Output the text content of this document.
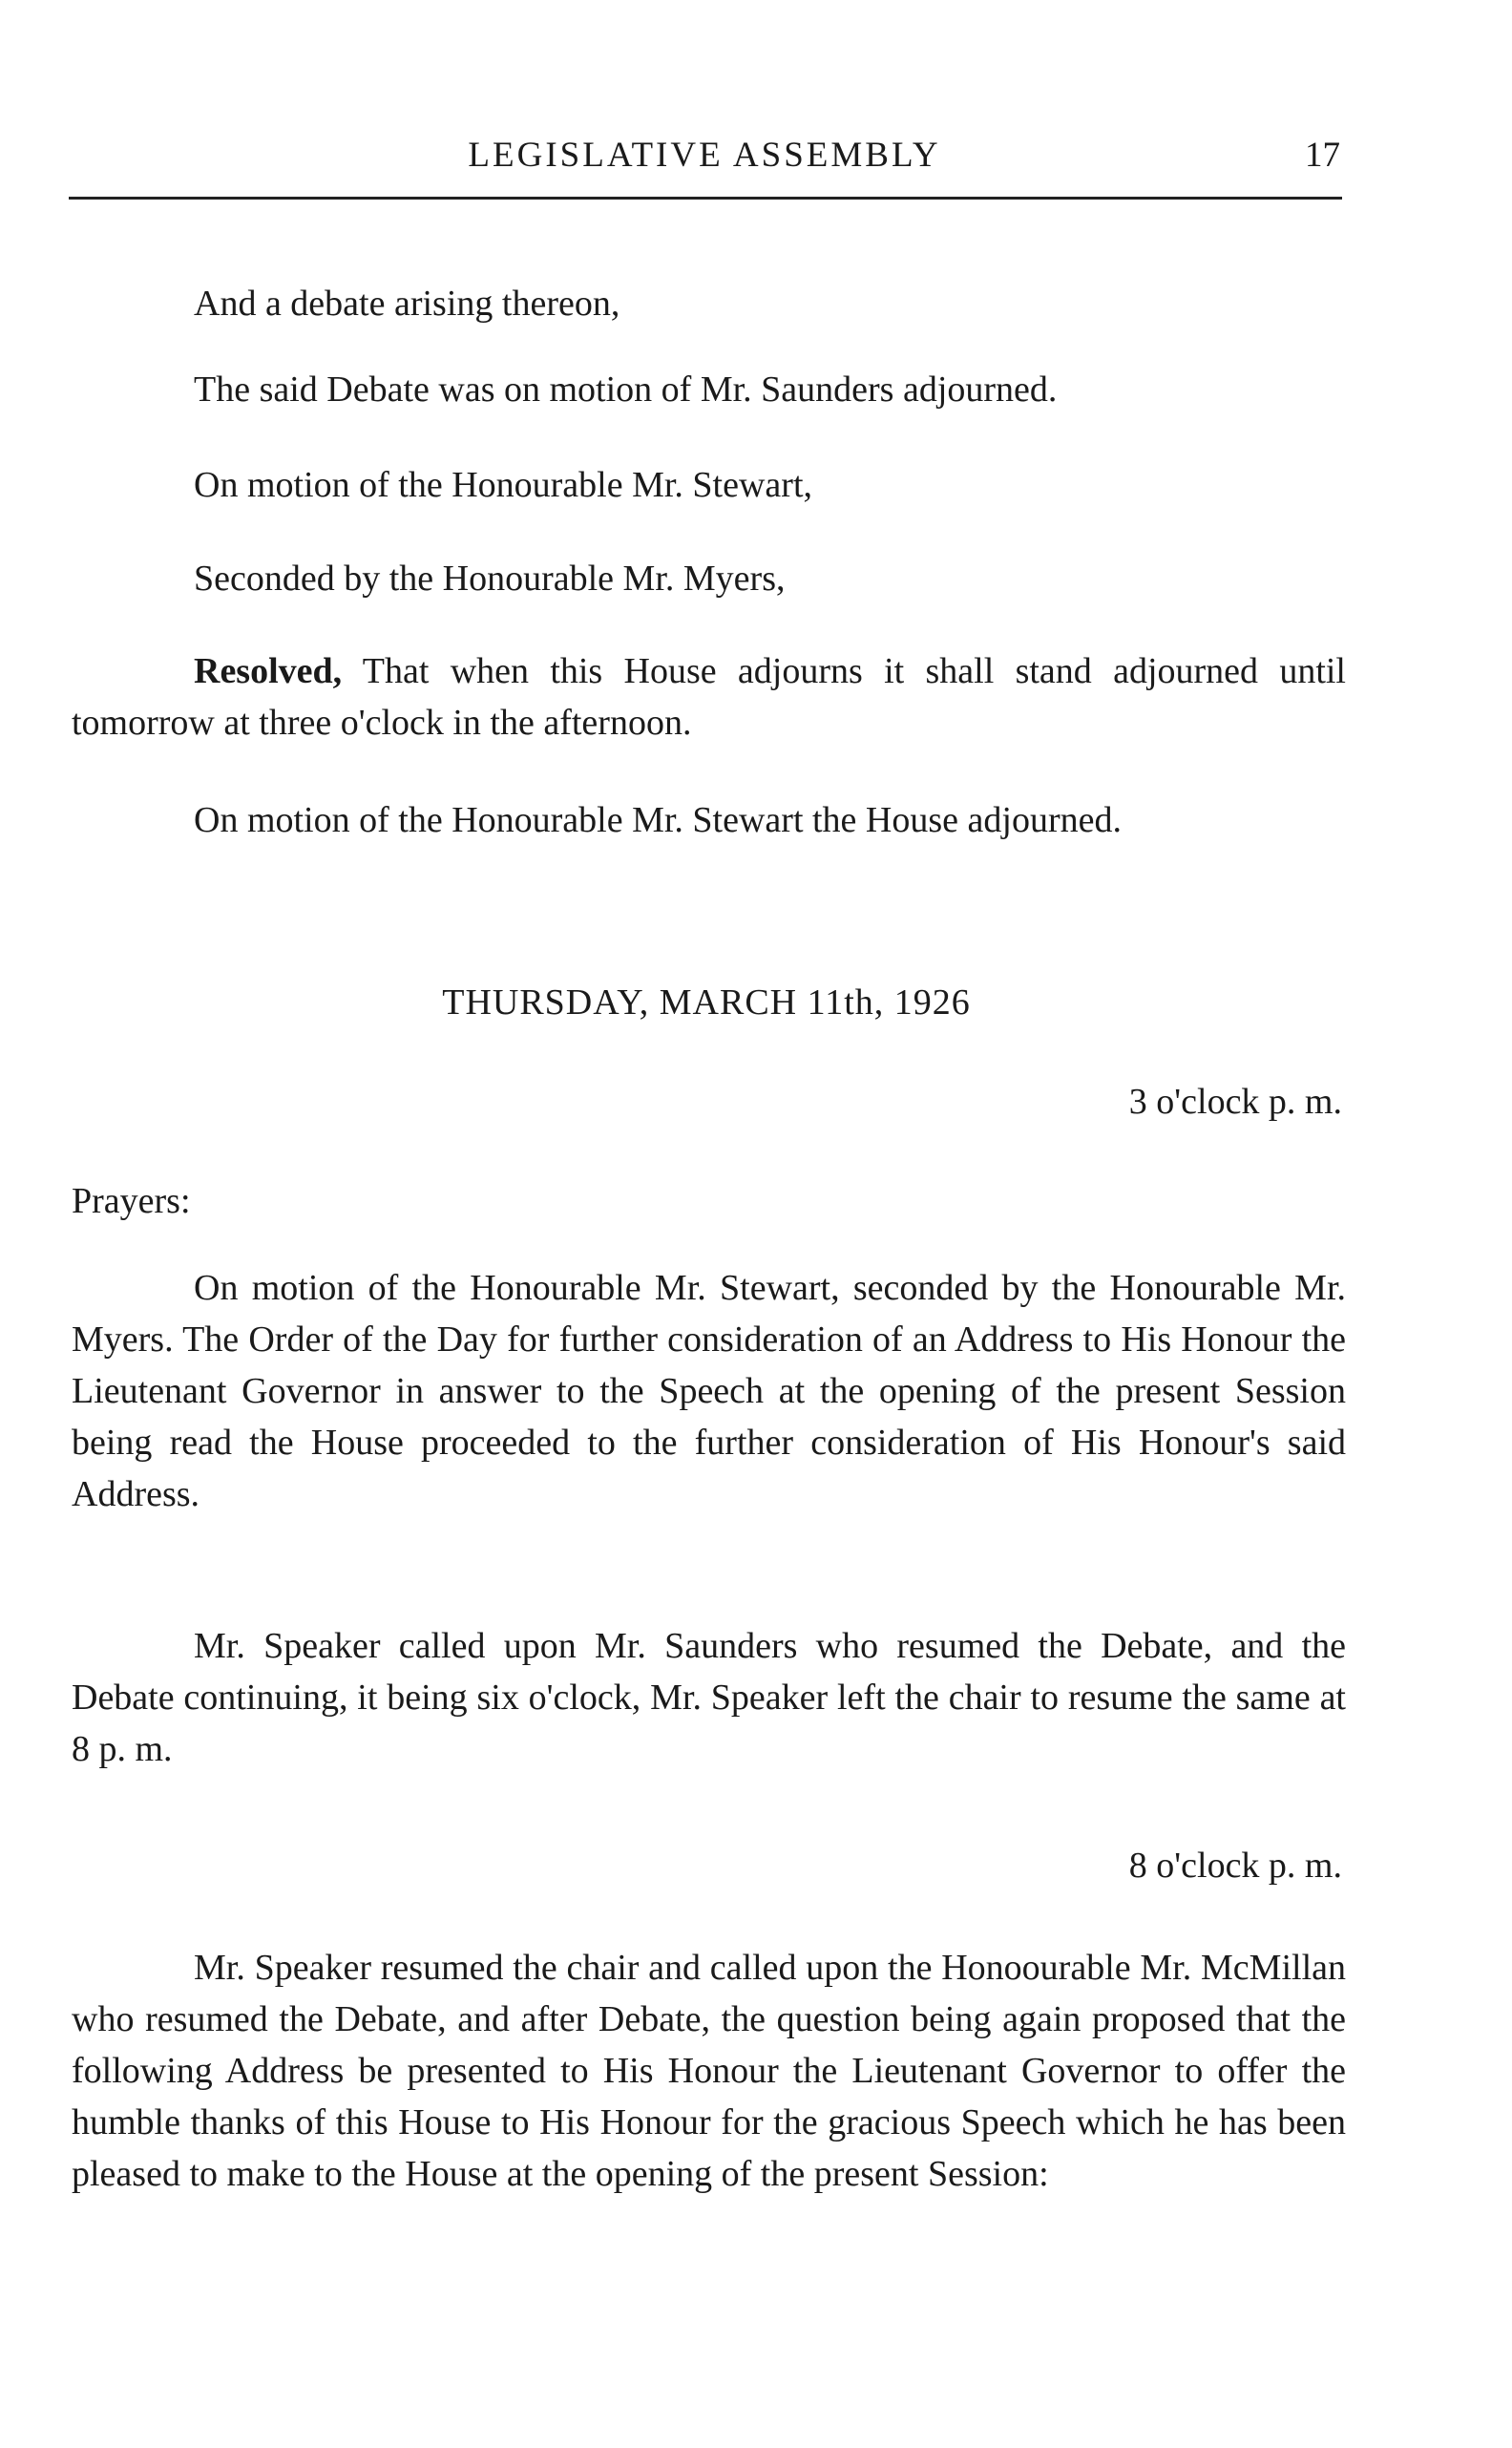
LEGISLATIVE ASSEMBLY	17
And a debate arising thereon,
The said Debate was on motion of Mr. Saunders adjourned.
On motion of the Honourable Mr. Stewart,
Seconded by the Honourable Mr. Myers,
Resolved, That when this House adjourns it shall stand adjourned until tomorrow at three o'clock in the afternoon.
On motion of the Honourable Mr. Stewart the House adjourned.
THURSDAY, MARCH 11th, 1926
3 o'clock p. m.
Prayers:
On motion of the Honourable Mr. Stewart, seconded by the Honourable Mr. Myers. The Order of the Day for further consideration of an Address to His Honour the Lieutenant Governor in answer to the Speech at the opening of the present Session being read the House proceeded to the further consideration of His Honour's said Address.
Mr. Speaker called upon Mr. Saunders who resumed the Debate, and the Debate continuing, it being six o'clock, Mr. Speaker left the chair to resume the same at 8 p. m.
8 o'clock p. m.
Mr. Speaker resumed the chair and called upon the Honoourable Mr. McMillan who resumed the Debate, and after Debate, the question being again proposed that the following Address be presented to His Honour the Lieutenant Governor to offer the humble thanks of this House to His Honour for the gracious Speech which he has been pleased to make to the House at the opening of the present Session:
